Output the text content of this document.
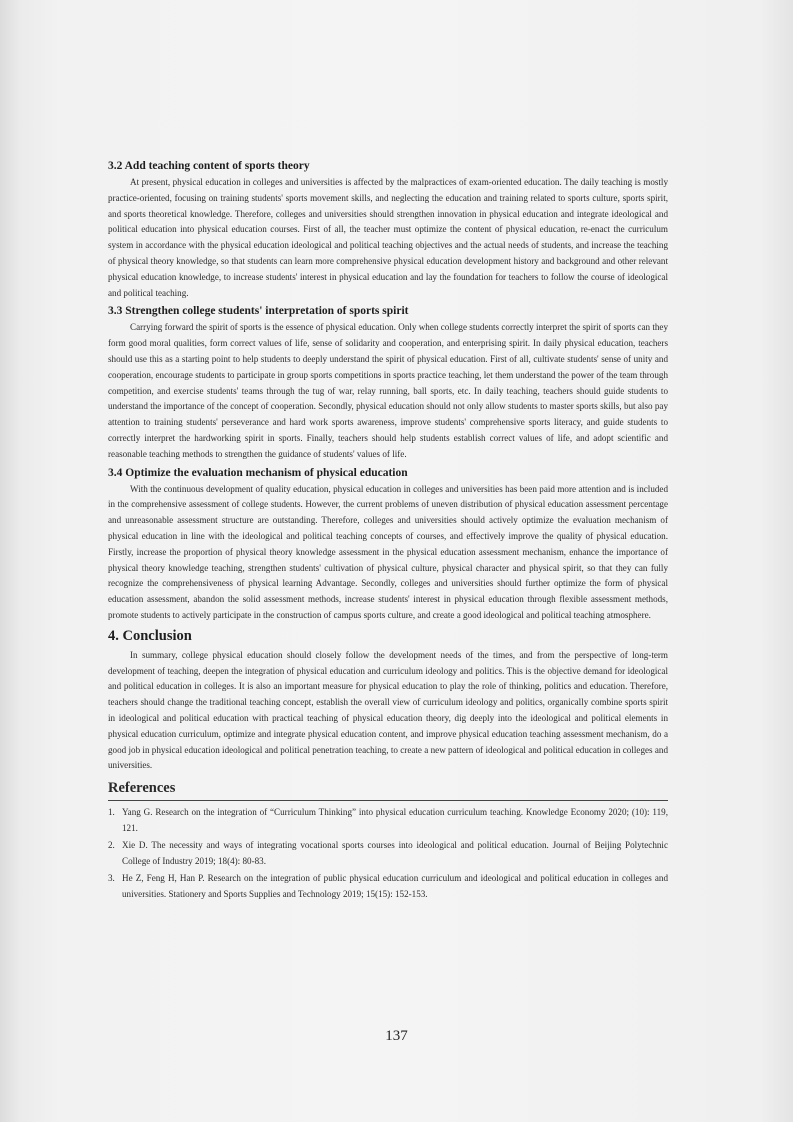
3.2 Add teaching content of sports theory

At present, physical education in colleges and universities is affected by the malpractices of exam-oriented education. The daily teaching is mostly practice-oriented, focusing on training students' sports movement skills, and neglecting the education and training related to sports culture, sports spirit, and sports theoretical knowledge. Therefore, colleges and universities should strengthen innovation in physical education and integrate ideological and political education into physical education courses. First of all, the teacher must optimize the content of physical education, re-enact the curriculum system in accordance with the physical education ideological and political teaching objectives and the actual needs of students, and increase the teaching of physical theory knowledge, so that students can learn more comprehensive physical education development history and background and other relevant physical education knowledge, to increase students' interest in physical education and lay the foundation for teachers to follow the course of ideological and political teaching.

3.3 Strengthen college students' interpretation of sports spirit

Carrying forward the spirit of sports is the essence of physical education. Only when college students correctly interpret the spirit of sports can they form good moral qualities, form correct values of life, sense of solidarity and cooperation, and enterprising spirit. In daily physical education, teachers should use this as a starting point to help students to deeply understand the spirit of physical education. First of all, cultivate students' sense of unity and cooperation, encourage students to participate in group sports competitions in sports practice teaching, let them understand the power of the team through competition, and exercise students' teams through the tug of war, relay running, ball sports, etc. In daily teaching, teachers should guide students to understand the importance of the concept of cooperation. Secondly, physical education should not only allow students to master sports skills, but also pay attention to training students' perseverance and hard work sports awareness, improve students' comprehensive sports literacy, and guide students to correctly interpret the hardworking spirit in sports. Finally, teachers should help students establish correct values of life, and adopt scientific and reasonable teaching methods to strengthen the guidance of students' values of life.

3.4 Optimize the evaluation mechanism of physical education

With the continuous development of quality education, physical education in colleges and universities has been paid more attention and is included in the comprehensive assessment of college students. However, the current problems of uneven distribution of physical education assessment percentage and unreasonable assessment structure are outstanding. Therefore, colleges and universities should actively optimize the evaluation mechanism of physical education in line with the ideological and political teaching concepts of courses, and effectively improve the quality of physical education. Firstly, increase the proportion of physical theory knowledge assessment in the physical education assessment mechanism, enhance the importance of physical theory knowledge teaching, strengthen students' cultivation of physical culture, physical character and physical spirit, so that they can fully recognize the comprehensiveness of physical learning Advantage. Secondly, colleges and universities should further optimize the form of physical education assessment, abandon the solid assessment methods, increase students' interest in physical education through flexible assessment methods, promote students to actively participate in the construction of campus sports culture, and create a good ideological and political teaching atmosphere.

4. Conclusion

In summary, college physical education should closely follow the development needs of the times, and from the perspective of long-term development of teaching, deepen the integration of physical education and curriculum ideology and politics. This is the objective demand for ideological and political education in colleges. It is also an important measure for physical education to play the role of thinking, politics and education. Therefore, teachers should change the traditional teaching concept, establish the overall view of curriculum ideology and politics, organically combine sports spirit in ideological and political education with practical teaching of physical education theory, dig deeply into the ideological and political elements in physical education curriculum, optimize and integrate physical education content, and improve physical education teaching assessment mechanism, do a good job in physical education ideological and political penetration teaching, to create a new pattern of ideological and political education in colleges and universities.

References
1. Yang G. Research on the integration of “Curriculum Thinking” into physical education curriculum teaching. Knowledge Economy 2020; (10): 119, 121.
2. Xie D. The necessity and ways of integrating vocational sports courses into ideological and political education. Journal of Beijing Polytechnic College of Industry 2019; 18(4): 80-83.
3. He Z, Feng H, Han P. Research on the integration of public physical education curriculum and ideological and political education in colleges and universities. Stationery and Sports Supplies and Technology 2019; 15(15): 152-153.
137
